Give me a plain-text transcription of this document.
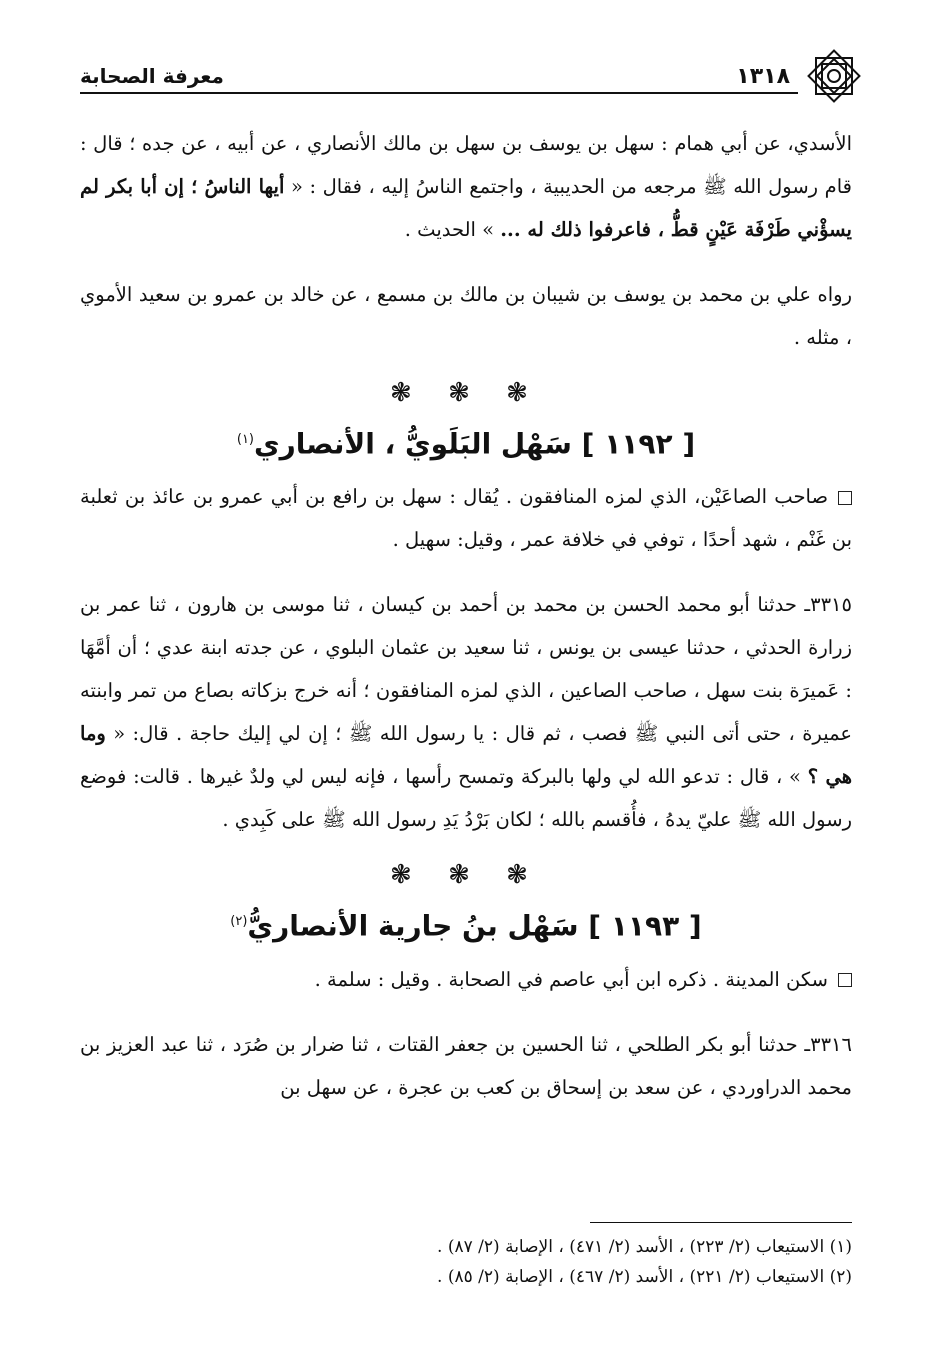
١٣١٨
معرفة الصحابة

الأسدي، عن أبي همام : سهل بن يوسف بن سهل بن مالك الأنصاري ، عن أبيه ، عن جده ؛ قال : قام رسول الله ﷺ مرجعه من الحديبية ، واجتمع الناسُ إليه ، فقال : « أيها الناسُ ؛ إن أبا بكر لم يسؤْني طَرْفَة عَيْنٍ قطُّ ، فاعرفوا ذلك له ... » الحديث .

رواه علي بن محمد بن يوسف بن شيبان بن مالك بن مسمع ، عن خالد بن عمرو بن سعيد الأموي ، مثله .

❃ ❃ ❃
[ ١١٩٢ ] سَهْل البَلَويُّ ، الأنصاري$^{(١)}$

صاحب الصاعَيْن، الذي لمزه المنافقون . يُقال : سهل بن رافع بن أبي عمرو بن عائذ بن ثعلبة بن غَنْم ، شهد أحدًا ، توفي في خلافة عمر ، وقيل: سهيل .

٣٣١٥ـ حدثنا أبو محمد الحسن بن محمد بن أحمد بن كيسان ، ثنا موسى بن هارون ، ثنا عمر بن زرارة الحدثي ، حدثنا عيسى بن يونس ، ثنا سعيد بن عثمان البلوي ، عن جدته ابنة عدي ؛ أن أمَّهَا : عَميرَة بنت سهل ، صاحب الصاعين ، الذي لمزه المنافقون ؛ أنه خرج بزكاته بصاع من تمر وابنته عميرة ، حتى أتى النبي ﷺ فصب ، ثم قال : يا رسول الله ﷺ ؛ إن لي إليك حاجة . قال: « وما هي ؟ » ، قال : تدعو الله لي ولها بالبركة وتمسح رأسها ، فإنه ليس لي ولدٌ غيرها . قالت: فوضع رسول الله ﷺ عليّ يدهُ ، فأُقسم بالله ؛ لكان بَرْدُ يَدِ رسول الله ﷺ على كَبِدي .

❃ ❃ ❃
[ ١١٩٣ ] سَهْل بنُ جارية الأنصاريُّ$^{(٢)}$

سكن المدينة . ذكره ابن أبي عاصم في الصحابة . وقيل : سلمة .

٣٣١٦ـ حدثنا أبو بكر الطلحي ، ثنا الحسين بن جعفر القتات ، ثنا ضرار بن صُرَد ، ثنا عبد العزيز بن محمد الدراوردي ، عن سعد بن إسحاق بن كعب بن عجرة ، عن سهل بن

(١) الاستيعاب (٢/ ٢٢٣) ، الأسد (٢/ ٤٧١) ، الإصابة (٢/ ٨٧) .
(٢) الاستيعاب (٢/ ٢٢١) ، الأسد (٢/ ٤٦٧) ، الإصابة (٢/ ٨٥) .
